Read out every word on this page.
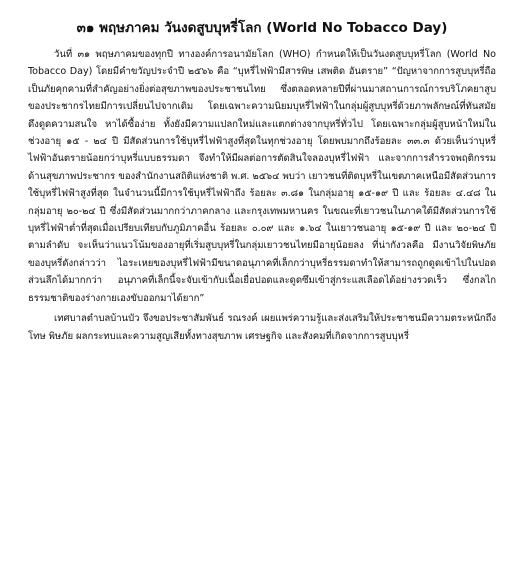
๓๑ พฤษภาคม วันงดสูบบุหรี่โลก (World No Tobacco Day)

วันที่ ๓๑ พฤษภาคมของทุกปี ทางองค์การอนามัยโลก (WHO) กำหนดให้เป็นวันงดสูบบุหรี่โลก (World No Tobacco Day) โดยมีคำขวัญประจำปี ๒๕๖๖ คือ “บุหรี่ไฟฟ้ามีสารพิษ เสพติด อันตราย” “ปัญหาจากการสูบบุหรี่ถือเป็นภัยคุกคามที่สำคัญอย่างยิ่งต่อสุขภาพของประชาชนไทย ซึ่งตลอดหลายปีที่ผ่านมาสถานการณ์การบริโภคยาสูบของประชากรไทยมีการเปลี่ยนไปจากเดิม โดยเฉพาะความนิยมบุหรี่ไฟฟ้าในกลุ่มผู้สูบบุหรี่ด้วยภาพลักษณ์ที่ทันสมัย ดึงดูดความสนใจ หาได้ซื้อง่าย ทั้งยังมีความแปลกใหม่และแตกต่างจากบุหรี่ทั่วไป โดยเฉพาะกลุ่มผู้สูบหน้าใหม่ในช่วงอายุ ๑๕ - ๒๔ ปี มีสัดส่วนการใช้บุหรี่ไฟฟ้าสูงที่สุดในทุกช่วงอายุ โดยพบมากถึงร้อยละ ๓๓.๓ ด้วยเห็นว่าบุหรี่ไฟฟ้าอันตรายน้อยกว่าบุหรี่แบบธรรมดา จึงทำให้มีผลต่อการตัดสินใจลองบุหรี่ไฟฟ้า และจากการสำรวจพฤติกรรมด้านสุขภาพประชากร ของสำนักงานสถิติแห่งชาติ พ.ศ. ๒๕๖๔ พบว่า เยาวชนที่ติดบุหรี่ในเขตภาคเหนือมีสัดส่วนการใช้บุหรี่ไฟฟ้าสูงที่สุด ในจำนวนนี้มีการใช้บุหรี่ไฟฟ้าถึง ร้อยละ ๓.๘๑ ในกลุ่มอายุ ๑๕-๑๙ ปี และ ร้อยละ ๔.๔๘ ในกลุ่มอายุ ๒๐-๒๔ ปี ซึ่งมีสัดส่วนมากกว่าภาคกลาง และกรุงเทพมหานคร ในขณะที่เยาวชนในภาคใต้มีสัดส่วนการใช้บุหรี่ไฟฟ้าต่ำที่สุดเมื่อเปรียบเทียบกับภูมิภาคอื่น ร้อยละ ๐.๐๙ และ ๑.๖๔ ในเยาวชนอายุ ๑๕-๑๙ ปี และ ๒๐-๒๔ ปี ตามลำดับ จะเห็นว่าแนวโน้มของอายุที่เริ่มสูบบุหรี่ในกลุ่มเยาวชนไทยมีอายุน้อยลง ที่น่ากังวลคือ มีงานวิจัยพิษภัยของบุหรี่ดังกล่าวว่า ไอระเหยของบุหรี่ไฟฟ้ามีขนาดอนุภาคที่เล็กกว่าบุหรี่ธรรมดาทำให้สามารถถูกดูดเข้าไปในปอดส่วนลึกได้มากกว่า อนุภาคที่เล็กนี้จะจับเข้ากับเนื้อเยื่อปอดและดูดซึมเข้าสู่กระแสเลือดได้อย่างรวดเร็ว ซึ่งกลไกธรรมชาติของร่างกายเองขับออกมาได้ยาก”

เทศบาลตำบลบ้านบัว จึงขอประชาสัมพันธ์ รณรงค์ เผยแพร่ความรู้และส่งเสริมให้ประชาชนมีความตระหนักถึงโทษ พิษภัย ผลกระทบและความสูญเสียทั้งทางสุขภาพ เศรษฐกิจ และสังคมที่เกิดจากการสูบบุหรี่
